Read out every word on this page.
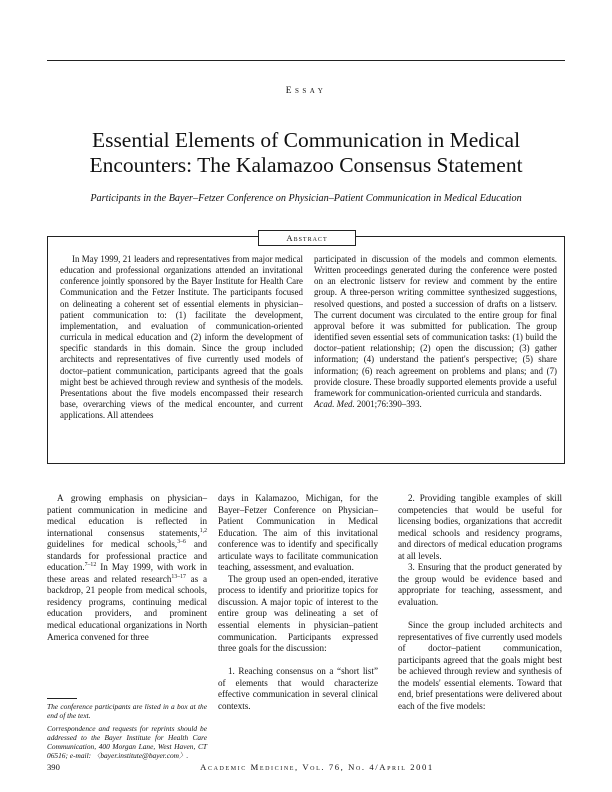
Essay
Essential Elements of Communication in Medical
Encounters: The Kalamazoo Consensus Statement
Participants in the Bayer–Fetzer Conference on Physician–Patient Communication in Medical Education
Abstract

In May 1999, 21 leaders and representatives from major medical education and professional organizations attended an invitational conference jointly sponsored by the Bayer Institute for Health Care Communication and the Fetzer Institute. The participants focused on delineating a coherent set of essential elements in physician–patient communication to: (1) facilitate the development, implementation, and evaluation of communication-oriented curricula in medical education and (2) inform the development of specific standards in this domain. Since the group included architects and representatives of five currently used models of doctor–patient communication, participants agreed that the goals might best be achieved through review and synthesis of the models. Presentations about the five models encompassed their research base, overarching views of the medical encounter, and current applications. All attendees

participated in discussion of the models and common elements. Written proceedings generated during the conference were posted on an electronic listserv for review and comment by the entire group. A three-person writing committee synthesized suggestions, resolved questions, and posted a succession of drafts on a listserv. The current document was circulated to the entire group for final approval before it was submitted for publication. The group identified seven essential sets of communication tasks: (1) build the doctor–patient relationship; (2) open the discussion; (3) gather information; (4) understand the patient's perspective; (5) share information; (6) reach agreement on problems and plans; and (7) provide closure. These broadly supported elements provide a useful framework for communication-oriented curricula and standards.

Acad. Med. 2001;76:390–393.

A growing emphasis on physician–patient communication in medicine and medical education is reflected in international consensus statements,$^{1,2}$ guidelines for medical schools,$^{3-6}$ and standards for professional practice and education.$^{7-12}$ In May 1999, with work in these areas and related research$^{13-17}$ as a backdrop, 21 people from medical schools, residency programs, continuing medical education providers, and prominent medical educational organizations in North America convened for three

days in Kalamazoo, Michigan, for the Bayer–Fetzer Conference on Physician–Patient Communication in Medical Education. The aim of this invitational conference was to identify and specifically articulate ways to facilitate communication teaching, assessment, and evaluation.

The group used an open-ended, iterative process to identify and prioritize topics for discussion. A major topic of interest to the entire group was delineating a set of essential elements in physician–patient communication. Participants expressed three goals for the discussion:

1. Reaching consensus on a “short list” of elements that would characterize effective communication in several clinical contexts.

2. Providing tangible examples of skill competencies that would be useful for licensing bodies, organizations that accredit medical schools and residency programs, and directors of medical education programs at all levels.

3. Ensuring that the product generated by the group would be evidence based and appropriate for teaching, assessment, and evaluation.

Since the group included architects and representatives of five currently used models of doctor–patient communication, participants agreed that the goals might best be achieved through review and synthesis of the models' essential elements. Toward that end, brief presentations were delivered about each of the five models:

The conference participants are listed in a box at the end of the text.

Correspondence and requests for reprints should be addressed to the Bayer Institute for Health Care Communication, 400 Morgan Lane, West Haven, CT 06516; e-mail: 〈bayer.institute@bayer.com〉.

390	Academic Medicine, Vol. 76, No. 4/April 2001
